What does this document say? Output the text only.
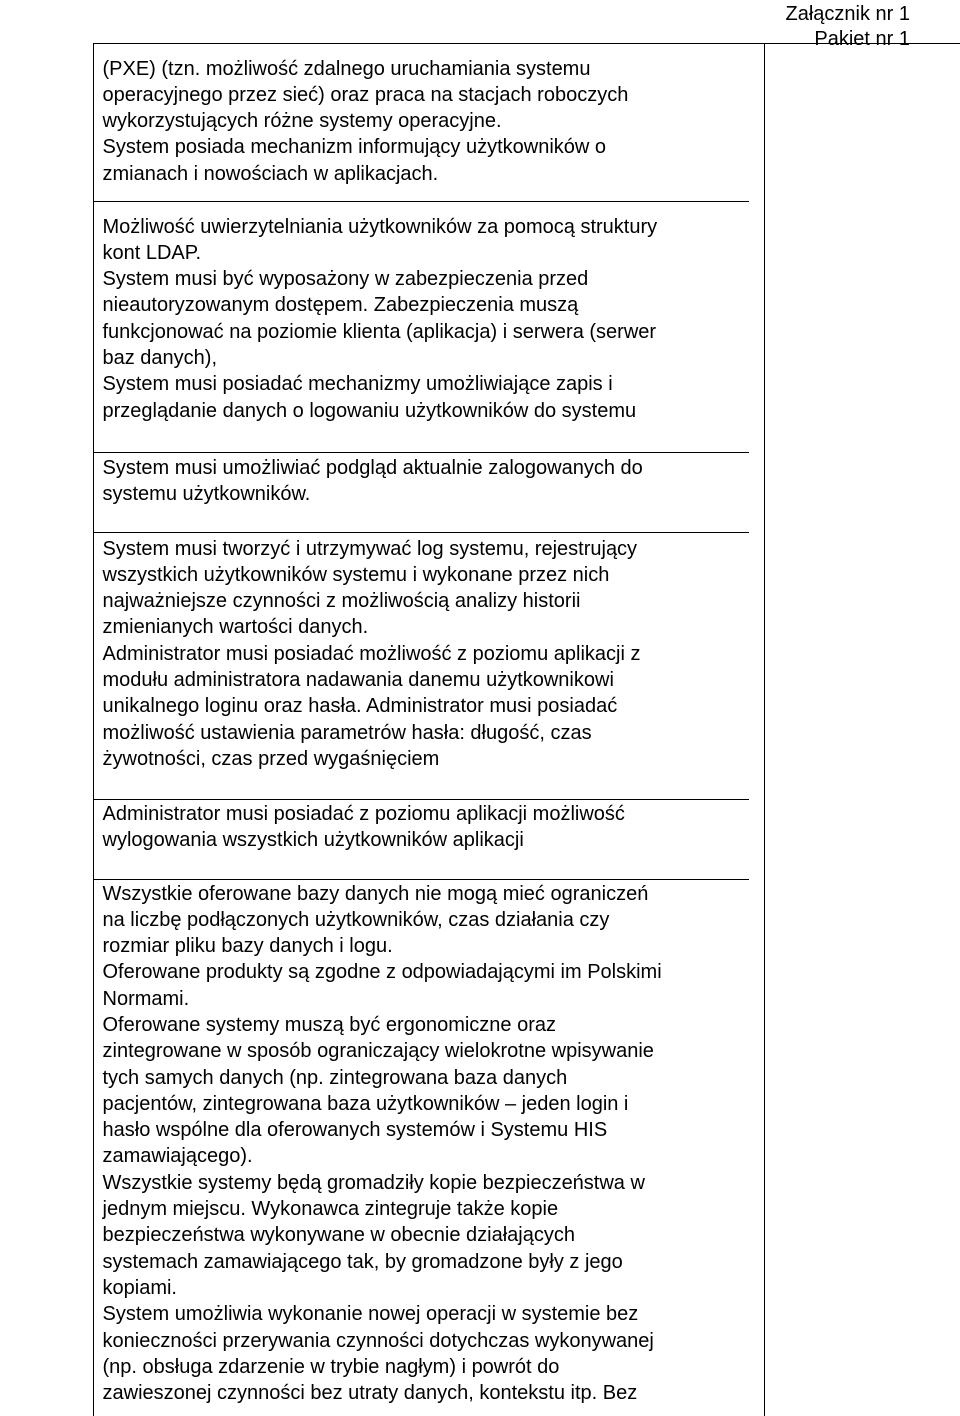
Załącznik nr 1
Pakiet nr 1
(PXE) (tzn. możliwość zdalnego uruchamiania systemu
operacyjnego przez sieć) oraz praca na stacjach roboczych
wykorzystujących różne systemy operacyjne.
System posiada mechanizm informujący użytkowników o
zmianach i nowościach w aplikacjach.
Możliwość uwierzytelniania użytkowników za pomocą struktury
kont LDAP.
System musi być wyposażony w zabezpieczenia przed
nieautoryzowanym dostępem. Zabezpieczenia muszą
funkcjonować na poziomie klienta (aplikacja) i serwera (serwer
baz danych),
System musi posiadać mechanizmy umożliwiające zapis i
przeglądanie danych o logowaniu użytkowników do systemu
System musi umożliwiać podgląd aktualnie zalogowanych do
systemu użytkowników.
System musi tworzyć i utrzymywać log systemu, rejestrujący
wszystkich użytkowników systemu i wykonane przez nich
najważniejsze czynności z możliwością analizy historii
zmienianych wartości danych.
Administrator musi posiadać możliwość z poziomu aplikacji z
modułu administratora nadawania danemu użytkownikowi
unikalnego loginu oraz hasła. Administrator musi posiadać
możliwość ustawienia parametrów hasła: długość, czas
żywotności, czas przed wygaśnięciem
Administrator musi posiadać z poziomu aplikacji możliwość
wylogowania wszystkich użytkowników aplikacji
Wszystkie oferowane bazy danych nie mogą mieć ograniczeń
na liczbę podłączonych użytkowników, czas działania czy
rozmiar pliku bazy danych i logu.
Oferowane produkty są zgodne z odpowiadającymi im Polskimi
Normami.
Oferowane systemy muszą być ergonomiczne oraz
zintegrowane w sposób ograniczający wielokrotne wpisywanie
tych samych danych (np. zintegrowana baza danych
pacjentów, zintegrowana baza użytkowników – jeden login i
hasło wspólne dla oferowanych systemów i Systemu HIS
zamawiającego).
Wszystkie systemy będą gromadziły kopie bezpieczeństwa w
jednym miejscu. Wykonawca zintegruje także kopie
bezpieczeństwa wykonywane w obecnie działających
systemach zamawiającego tak, by gromadzone były z jego
kopiami.
System umożliwia wykonanie nowej operacji w systemie bez
konieczności przerywania czynności dotychczas wykonywanej
(np. obsługa zdarzenie w trybie nagłym) i powrót do
zawieszonej czynności bez utraty danych, kontekstu itp. Bez
